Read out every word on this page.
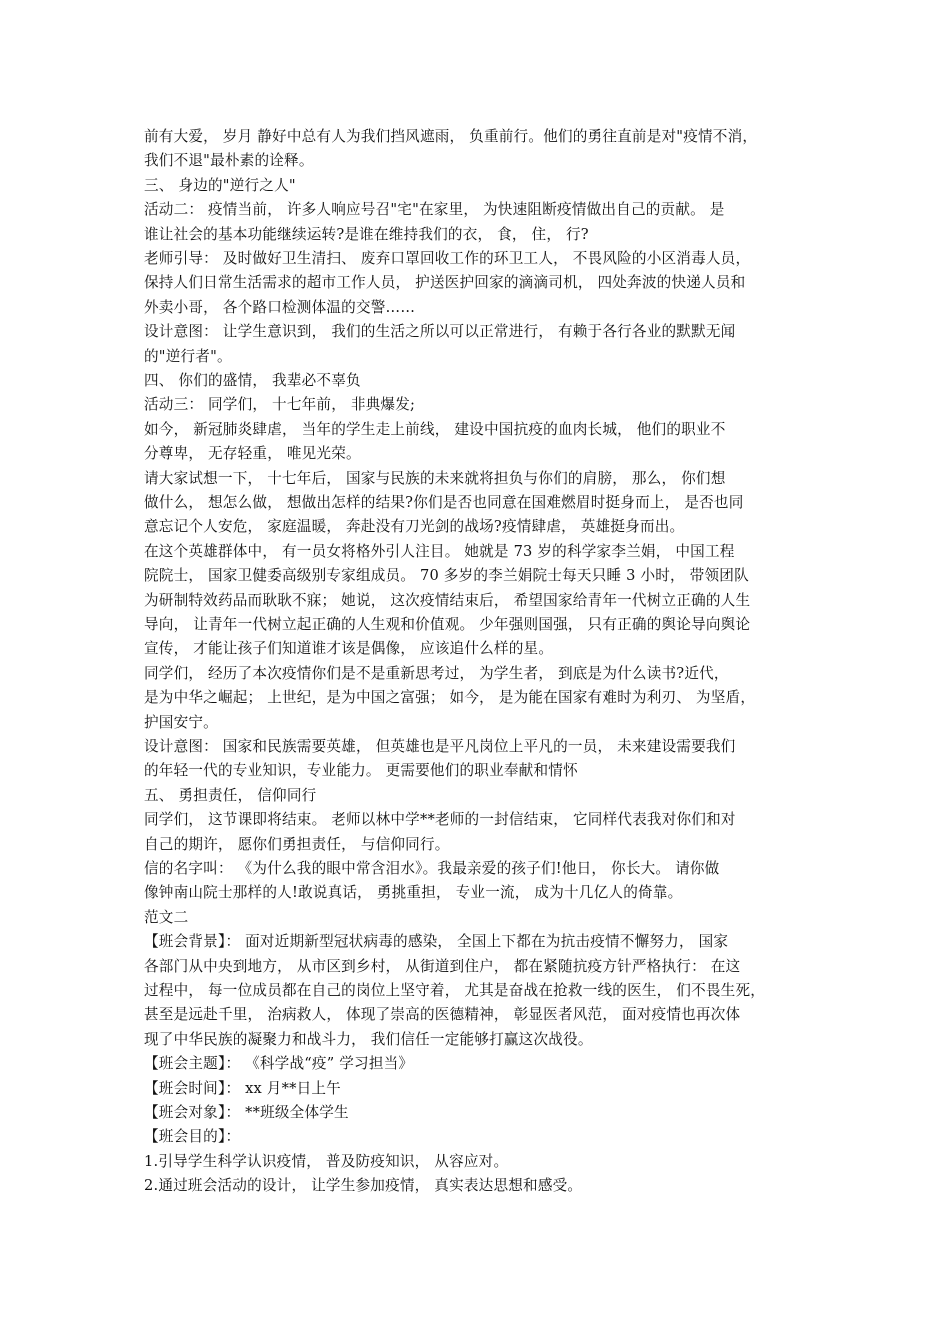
前有大爱， 岁月 静好中总有人为我们挡风遮雨， 负重前行。他们的勇往直前是对"疫情不消，
我们不退"最朴素的诠释。
三、 身边的"逆行之人"
活动二： 疫情当前， 许多人响应号召"宅"在家里， 为快速阻断疫情做出自己的贡献。 是
谁让社会的基本功能继续运转?是谁在维持我们的衣， 食， 住， 行?
老师引导： 及时做好卫生清扫、 废弃口罩回收工作的环卫工人， 不畏风险的小区消毒人员，
保持人们日常生活需求的超市工作人员， 护送医护回家的滴滴司机， 四处奔波的快递人员和
外卖小哥， 各个路口检测体温的交警……
设计意图： 让学生意识到， 我们的生活之所以可以正常进行， 有赖于各行各业的默默无闻
的"逆行者"。
四、 你们的盛情， 我辈必不辜负
活动三： 同学们， 十七年前， 非典爆发;
如今， 新冠肺炎肆虐， 当年的学生走上前线， 建设中国抗疫的血肉长城， 他们的职业不
分尊卑， 无存轻重， 唯见光荣。
请大家试想一下， 十七年后， 国家与民族的未来就将担负与你们的肩膀， 那么， 你们想
做什么， 想怎么做， 想做出怎样的结果?你们是否也同意在国难燃眉时挺身而上， 是否也同
意忘记个人安危， 家庭温暖， 奔赴没有刀光剑的战场?疫情肆虐， 英雄挺身而出。
在这个英雄群体中， 有一员女将格外引人注目。 她就是 73 岁的科学家李兰娟， 中国工程
院院士， 国家卫健委高级别专家组成员。 70 多岁的李兰娟院士每天只睡 3 小时， 带领团队
为研制特效药品而耿耿不寐； 她说， 这次疫情结束后， 希望国家给青年一代树立正确的人生
导向， 让青年一代树立起正确的人生观和价值观。 少年强则国强， 只有正确的舆论导向舆论
宣传， 才能让孩子们知道谁才该是偶像， 应该追什么样的星。
同学们， 经历了本次疫情你们是不是重新思考过， 为学生者， 到底是为什么读书?近代，
是为中华之崛起； 上世纪，是为中国之富强； 如今， 是为能在国家有难时为利刃、 为坚盾，
护国安宁。
设计意图： 国家和民族需要英雄， 但英雄也是平凡岗位上平凡的一员， 未来建设需要我们
的年轻一代的专业知识，专业能力。 更需要他们的职业奉献和情怀
五、 勇担责任， 信仰同行
同学们， 这节课即将结束。 老师以林中学**老师的一封信结束， 它同样代表我对你们和对
自己的期许， 愿你们勇担责任， 与信仰同行。
信的名字叫： 《为什么我的眼中常含泪水》。我最亲爱的孩子们!他日， 你长大。 请你做
像钟南山院士那样的人!敢说真话， 勇挑重担， 专业一流， 成为十几亿人的倚靠。
范文二
【班会背景】： 面对近期新型冠状病毒的感染， 全国上下都在为抗击疫情不懈努力， 国家
各部门从中央到地方， 从市区到乡村， 从街道到住户， 都在紧随抗疫方针严格执行： 在这
过程中， 每一位成员都在自己的岗位上坚守着， 尤其是奋战在抢救一线的医生， 们不畏生死，
甚至是远赴千里， 治病救人， 体现了崇高的医德精神， 彰显医者风范， 面对疫情也再次体
现了中华民族的凝聚力和战斗力， 我们信任一定能够打赢这次战役。
【班会主题】： 《科学战“疫” 学习担当》
【班会时间】： xx 月**日上午
【班会对象】： **班级全体学生
【班会目的】：
1.引导学生科学认识疫情， 普及防疫知识， 从容应对。
2.通过班会活动的设计， 让学生参加疫情， 真实表达思想和感受。
